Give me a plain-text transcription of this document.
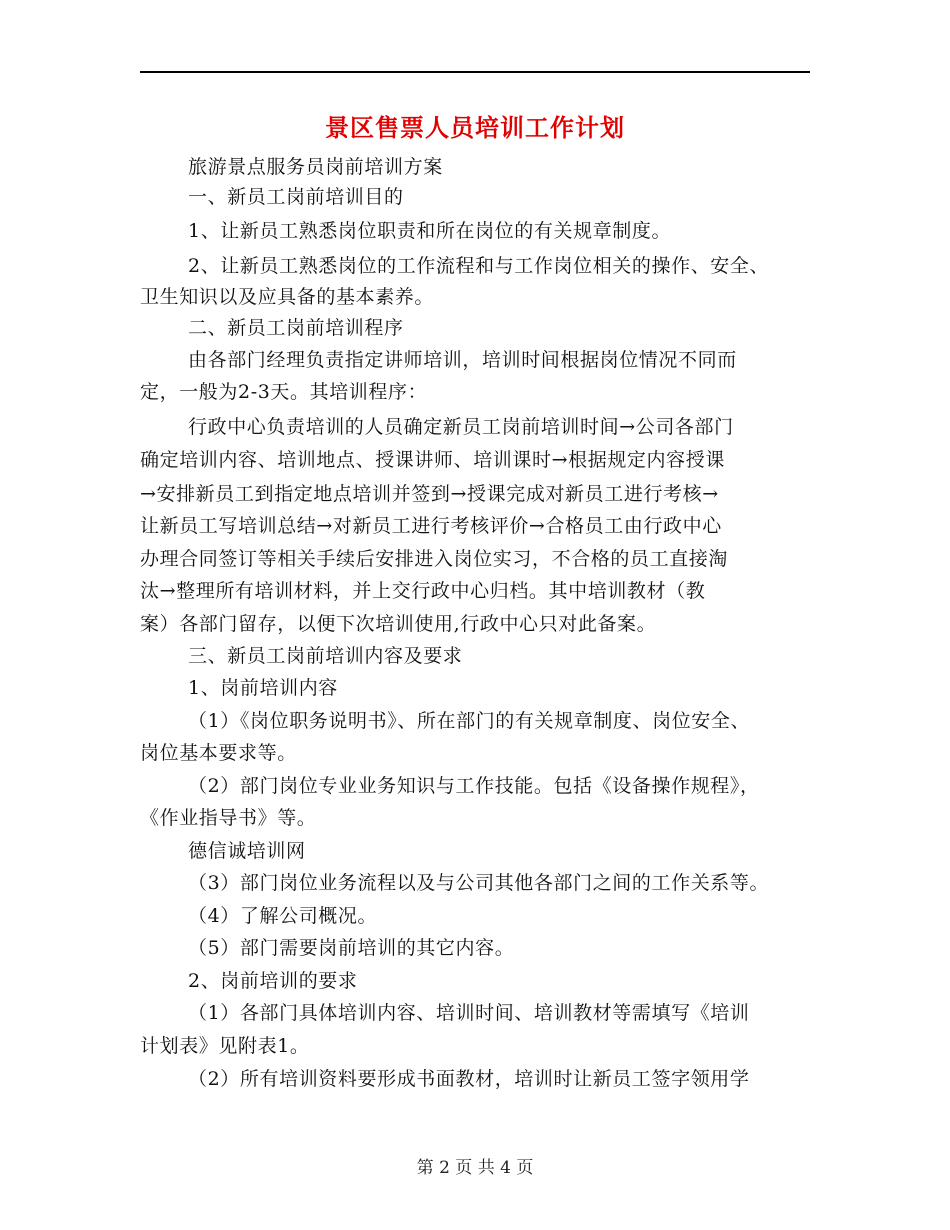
景区售票人员培训工作计划
旅游景点服务员岗前培训方案
一、新员工岗前培训目的
1、让新员工熟悉岗位职责和所在岗位的有关规章制度。
2、让新员工熟悉岗位的工作流程和与工作岗位相关的操作、安全、
卫生知识以及应具备的基本素养。
二、新员工岗前培训程序
由各部门经理负责指定讲师培训，培训时间根据岗位情况不同而
定，一般为2-3天。其培训程序：
行政中心负责培训的人员确定新员工岗前培训时间→公司各部门
确定培训内容、培训地点、授课讲师、培训课时→根据规定内容授课
→安排新员工到指定地点培训并签到→授课完成对新员工进行考核→
让新员工写培训总结→对新员工进行考核评价→合格员工由行政中心
办理合同签订等相关手续后安排进入岗位实习，不合格的员工直接淘
汰→整理所有培训材料，并上交行政中心归档。其中培训教材（教
案）各部门留存，以便下次培训使用,行政中心只对此备案。
三、新员工岗前培训内容及要求
1、岗前培训内容
（1）《岗位职务说明书》、所在部门的有关规章制度、岗位安全、
岗位基本要求等。
（2）部门岗位专业业务知识与工作技能。包括《设备操作规程》，
《作业指导书》等。
德信诚培训网
（3）部门岗位业务流程以及与公司其他各部门之间的工作关系等。
（4）了解公司概况。
（5）部门需要岗前培训的其它内容。
2、岗前培训的要求
（1）各部门具体培训内容、培训时间、培训教材等需填写《培训
计划表》见附表1。
（2）所有培训资料要形成书面教材，培训时让新员工签字领用学
第 2 页 共 4 页
